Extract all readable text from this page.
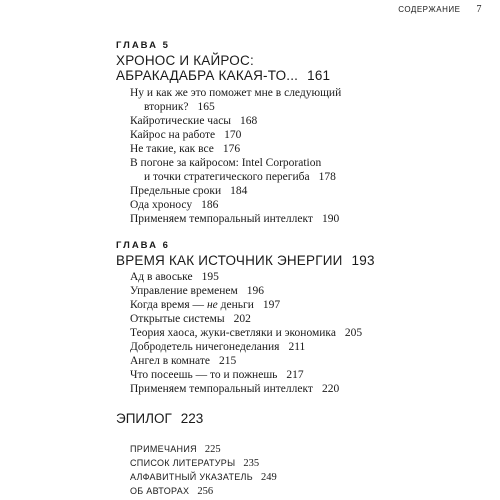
СОДЕРЖАНИЕ 7
ГЛАВА 5
ХРОНОС И КАЙРОС:
АБРАКАДАБРА КАКАЯ-ТО... 161
Ну и как же это поможет мне в следующий
вторник? 165
Кайротические часы 168
Кайрос на работе 170
Не такие, как все 176
В погоне за кайросом: Intel Corporation
и точки стратегического перегиба 178
Предельные сроки 184
Ода хроносу 186
Применяем темпоральный интеллект 190
ГЛАВА 6
ВРЕМЯ КАК ИСТОЧНИК ЭНЕРГИИ 193
Ад в авоське 195
Управление временем 196
Когда время — не деньги 197
Открытые системы 202
Теория хаоса, жуки-светляки и экономика 205
Добродетель ничегонеделания 211
Ангел в комнате 215
Что посеешь — то и пожнешь 217
Применяем темпоральный интеллект 220
ЭПИЛОГ 223
ПРИМЕЧАНИЯ 225
СПИСОК ЛИТЕРАТУРЫ 235
АЛФАВИТНЫЙ УКАЗАТЕЛЬ 249
ОБ АВТОРАХ 256
